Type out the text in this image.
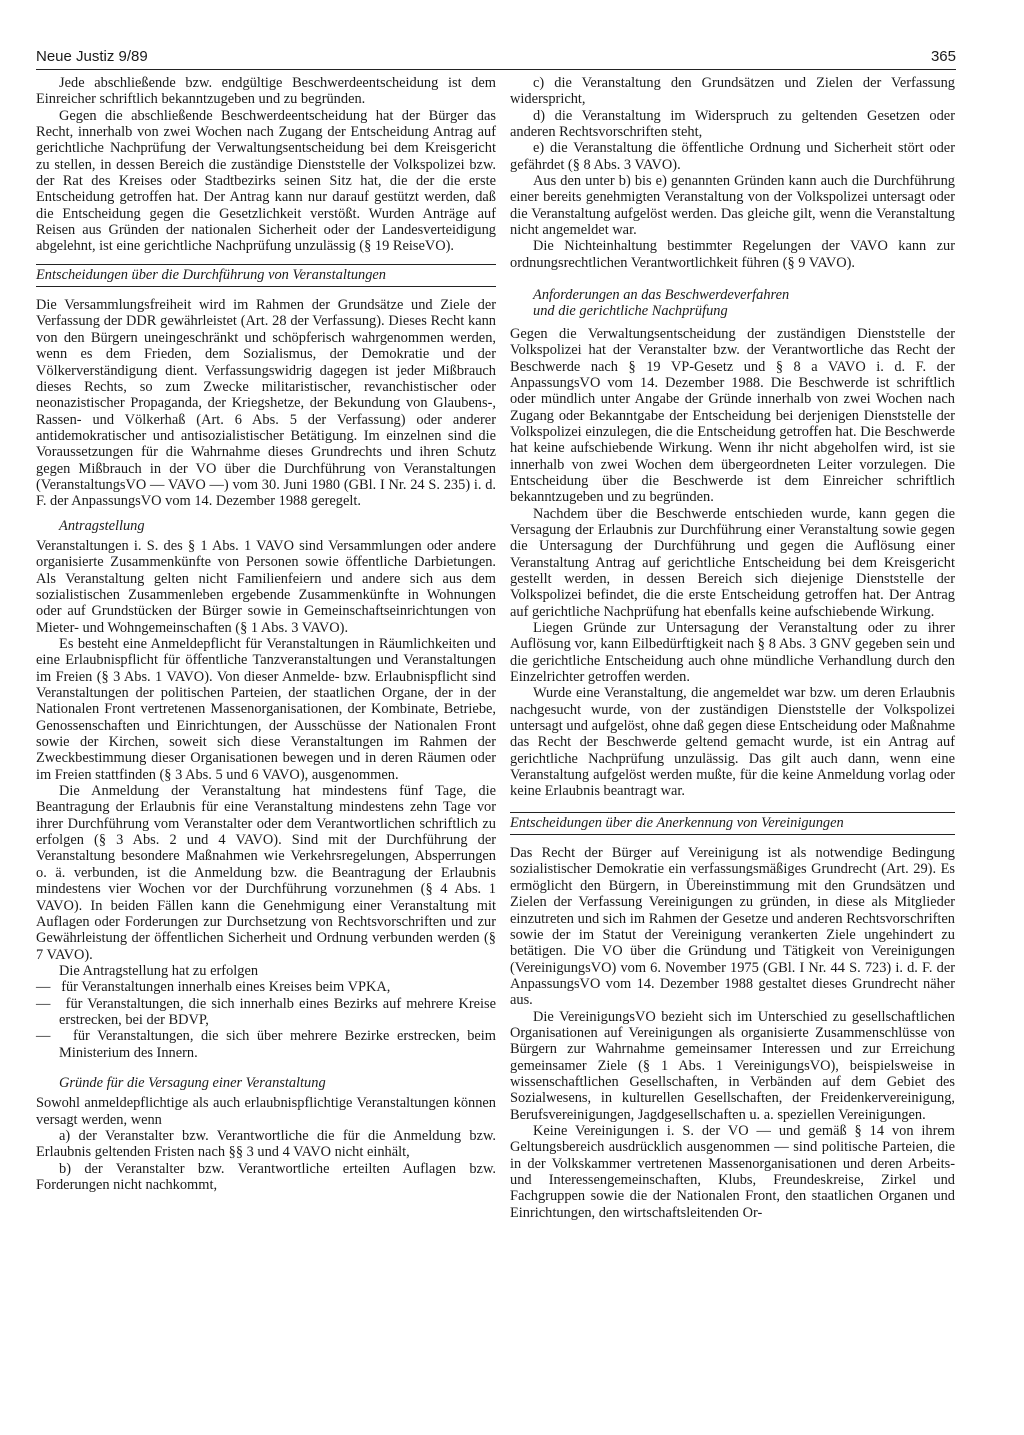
Neue Justiz 9/89	365

Jede abschließende bzw. endgültige Beschwerdeentscheidung ist dem Einreicher schriftlich bekanntzugeben und zu begründen.

Gegen die abschließende Beschwerdeentscheidung hat der Bürger das Recht, innerhalb von zwei Wochen nach Zugang der Entscheidung Antrag auf gerichtliche Nachprüfung der Verwaltungsentscheidung bei dem Kreisgericht zu stellen, in dessen Bereich die zuständige Dienststelle der Volkspolizei bzw. der Rat des Kreises oder Stadtbezirks seinen Sitz hat, die der die erste Entscheidung getroffen hat. Der Antrag kann nur darauf gestützt werden, daß die Entscheidung gegen die Gesetzlichkeit verstößt. Wurden Anträge auf Reisen aus Gründen der nationalen Sicherheit oder der Landesverteidigung abgelehnt, ist eine gerichtliche Nachprüfung unzulässig (§ 19 ReiseVO).

Entscheidungen über die Durchführung von Veranstaltungen

Die Versammlungsfreiheit wird im Rahmen der Grundsätze und Ziele der Verfassung der DDR gewährleistet (Art. 28 der Verfassung). Dieses Recht kann von den Bürgern uneingeschränkt und schöpferisch wahrgenommen werden, wenn es dem Frieden, dem Sozialismus, der Demokratie und der Völkerverständigung dient. Verfassungswidrig dagegen ist jeder Mißbrauch dieses Rechts, so zum Zwecke militaristischer, revanchistischer oder neonazistischer Propaganda, der Kriegshetze, der Bekundung von Glaubens-, Rassen- und Völkerhaß (Art. 6 Abs. 5 der Verfassung) oder anderer antidemokratischer und antisozialistischer Betätigung. Im einzelnen sind die Voraussetzungen für die Wahrnahme dieses Grundrechts und ihren Schutz gegen Mißbrauch in der VO über die Durchführung von Veranstaltungen (VeranstaltungsVO — VAVO —) vom 30. Juni 1980 (GBl. I Nr. 24 S. 235) i. d. F. der AnpassungsVO vom 14. Dezember 1988 geregelt.

Antragstellung

Veranstaltungen i. S. des § 1 Abs. 1 VAVO sind Versammlungen oder andere organisierte Zusammenkünfte von Personen sowie öffentliche Darbietungen. Als Veranstaltung gelten nicht Familienfeiern und andere sich aus dem sozialistischen Zusammenleben ergebende Zusammenkünfte in Wohnungen oder auf Grundstücken der Bürger sowie in Gemeinschaftseinrichtungen von Mieter- und Wohngemeinschaften (§ 1 Abs. 3 VAVO).

Es besteht eine Anmeldepflicht für Veranstaltungen in Räumlichkeiten und eine Erlaubnispflicht für öffentliche Tanzveranstaltungen und Veranstaltungen im Freien (§ 3 Abs. 1 VAVO). Von dieser Anmelde- bzw. Erlaubnispflicht sind Veranstaltungen der politischen Parteien, der staatlichen Organe, der in der Nationalen Front vertretenen Massenorganisationen, der Kombinate, Betriebe, Genossenschaften und Einrichtungen, der Ausschüsse der Nationalen Front sowie der Kirchen, soweit sich diese Veranstaltungen im Rahmen der Zweckbestimmung dieser Organisationen bewegen und in deren Räumen oder im Freien stattfinden (§ 3 Abs. 5 und 6 VAVO), ausgenommen.

Die Anmeldung der Veranstaltung hat mindestens fünf Tage, die Beantragung der Erlaubnis für eine Veranstaltung mindestens zehn Tage vor ihrer Durchführung vom Veranstalter oder dem Verantwortlichen schriftlich zu erfolgen (§ 3 Abs. 2 und 4 VAVO). Sind mit der Durchführung der Veranstaltung besondere Maßnahmen wie Verkehrsregelungen, Absperrungen o. ä. verbunden, ist die Anmeldung bzw. die Beantragung der Erlaubnis mindestens vier Wochen vor der Durchführung vorzunehmen (§ 4 Abs. 1 VAVO). In beiden Fällen kann die Genehmigung einer Veranstaltung mit Auflagen oder Forderungen zur Durchsetzung von Rechtsvorschriften und zur Gewährleistung der öffentlichen Sicherheit und Ordnung verbunden werden (§ 7 VAVO).

Die Antragstellung hat zu erfolgen

—   für Veranstaltungen innerhalb eines Kreises beim VPKA,
—   für Veranstaltungen, die sich innerhalb eines Bezirks auf mehrere Kreise erstrecken, bei der BDVP,
—   für Veranstaltungen, die sich über mehrere Bezirke erstrecken, beim Ministerium des Innern.
Gründe für die Versagung einer Veranstaltung

Sowohl anmeldepflichtige als auch erlaubnispflichtige Veranstaltungen können versagt werden, wenn

a) der Veranstalter bzw. Verantwortliche die für die Anmeldung bzw. Erlaubnis geltenden Fristen nach §§ 3 und 4 VAVO nicht einhält,

b) der Veranstalter bzw. Verantwortliche erteilten Auflagen bzw. Forderungen nicht nachkommt,

c) die Veranstaltung den Grundsätzen und Zielen der Verfassung widerspricht,

d) die Veranstaltung im Widerspruch zu geltenden Gesetzen oder anderen Rechtsvorschriften steht,

e) die Veranstaltung die öffentliche Ordnung und Sicherheit stört oder gefährdet (§ 8 Abs. 3 VAVO).

Aus den unter b) bis e) genannten Gründen kann auch die Durchführung einer bereits genehmigten Veranstaltung von der Volkspolizei untersagt oder die Veranstaltung aufgelöst werden. Das gleiche gilt, wenn die Veranstaltung nicht angemeldet war.

Die Nichteinhaltung bestimmter Regelungen der VAVO kann zur ordnungsrechtlichen Verantwortlichkeit führen (§ 9 VAVO).

Anforderungen an das Beschwerdeverfahren
und die gerichtliche Nachprüfung

Gegen die Verwaltungsentscheidung der zuständigen Dienststelle der Volkspolizei hat der Veranstalter bzw. der Verantwortliche das Recht der Beschwerde nach § 19 VP-Gesetz und § 8 a VAVO i. d. F. der AnpassungsVO vom 14. Dezember 1988. Die Beschwerde ist schriftlich oder mündlich unter Angabe der Gründe innerhalb von zwei Wochen nach Zugang oder Bekanntgabe der Entscheidung bei derjenigen Dienststelle der Volkspolizei einzulegen, die die Entscheidung getroffen hat. Die Beschwerde hat keine aufschiebende Wirkung. Wenn ihr nicht abgeholfen wird, ist sie innerhalb von zwei Wochen dem übergeordneten Leiter vorzulegen. Die Entscheidung über die Beschwerde ist dem Einreicher schriftlich bekanntzugeben und zu begründen.

Nachdem über die Beschwerde entschieden wurde, kann gegen die Versagung der Erlaubnis zur Durchführung einer Veranstaltung sowie gegen die Untersagung der Durchführung und gegen die Auflösung einer Veranstaltung Antrag auf gerichtliche Entscheidung bei dem Kreisgericht gestellt werden, in dessen Bereich sich diejenige Dienststelle der Volkspolizei befindet, die die erste Entscheidung getroffen hat. Der Antrag auf gerichtliche Nachprüfung hat ebenfalls keine aufschiebende Wirkung.

Liegen Gründe zur Untersagung der Veranstaltung oder zu ihrer Auflösung vor, kann Eilbedürftigkeit nach § 8 Abs. 3 GNV gegeben sein und die gerichtliche Entscheidung auch ohne mündliche Verhandlung durch den Einzelrichter getroffen werden.

Wurde eine Veranstaltung, die angemeldet war bzw. um deren Erlaubnis nachgesucht wurde, von der zuständigen Dienststelle der Volkspolizei untersagt und aufgelöst, ohne daß gegen diese Entscheidung oder Maßnahme das Recht der Beschwerde geltend gemacht wurde, ist ein Antrag auf gerichtliche Nachprüfung unzulässig. Das gilt auch dann, wenn eine Veranstaltung aufgelöst werden mußte, für die keine Anmeldung vorlag oder keine Erlaubnis beantragt war.

Entscheidungen über die Anerkennung von Vereinigungen

Das Recht der Bürger auf Vereinigung ist als notwendige Bedingung sozialistischer Demokratie ein verfassungsmäßiges Grundrecht (Art. 29). Es ermöglicht den Bürgern, in Übereinstimmung mit den Grundsätzen und Zielen der Verfassung Vereinigungen zu gründen, in diese als Mitglieder einzutreten und sich im Rahmen der Gesetze und anderen Rechtsvorschriften sowie der im Statut der Vereinigung verankerten Ziele ungehindert zu betätigen. Die VO über die Gründung und Tätigkeit von Vereinigungen (VereinigungsVO) vom 6. November 1975 (GBl. I Nr. 44 S. 723) i. d. F. der AnpassungsVO vom 14. Dezember 1988 gestaltet dieses Grundrecht näher aus.

Die VereinigungsVO bezieht sich im Unterschied zu gesellschaftlichen Organisationen auf Vereinigungen als organisierte Zusammenschlüsse von Bürgern zur Wahrnahme gemeinsamer Interessen und zur Erreichung gemeinsamer Ziele (§ 1 Abs. 1 VereinigungsVO), beispielsweise in wissenschaftlichen Gesellschaften, in Verbänden auf dem Gebiet des Sozialwesens, in kulturellen Gesellschaften, der Freidenkervereinigung, Berufsvereinigungen, Jagdgesellschaften u. a. speziellen Vereinigungen.

Keine Vereinigungen i. S. der VO — und gemäß § 14 von ihrem Geltungsbereich ausdrücklich ausgenommen — sind politische Parteien, die in der Volkskammer vertretenen Massenorganisationen und deren Arbeits- und Interessengemeinschaften, Klubs, Freundeskreise, Zirkel und Fachgruppen sowie die der Nationalen Front, den staatlichen Organen und Einrichtungen, den wirtschaftsleitenden Or-
